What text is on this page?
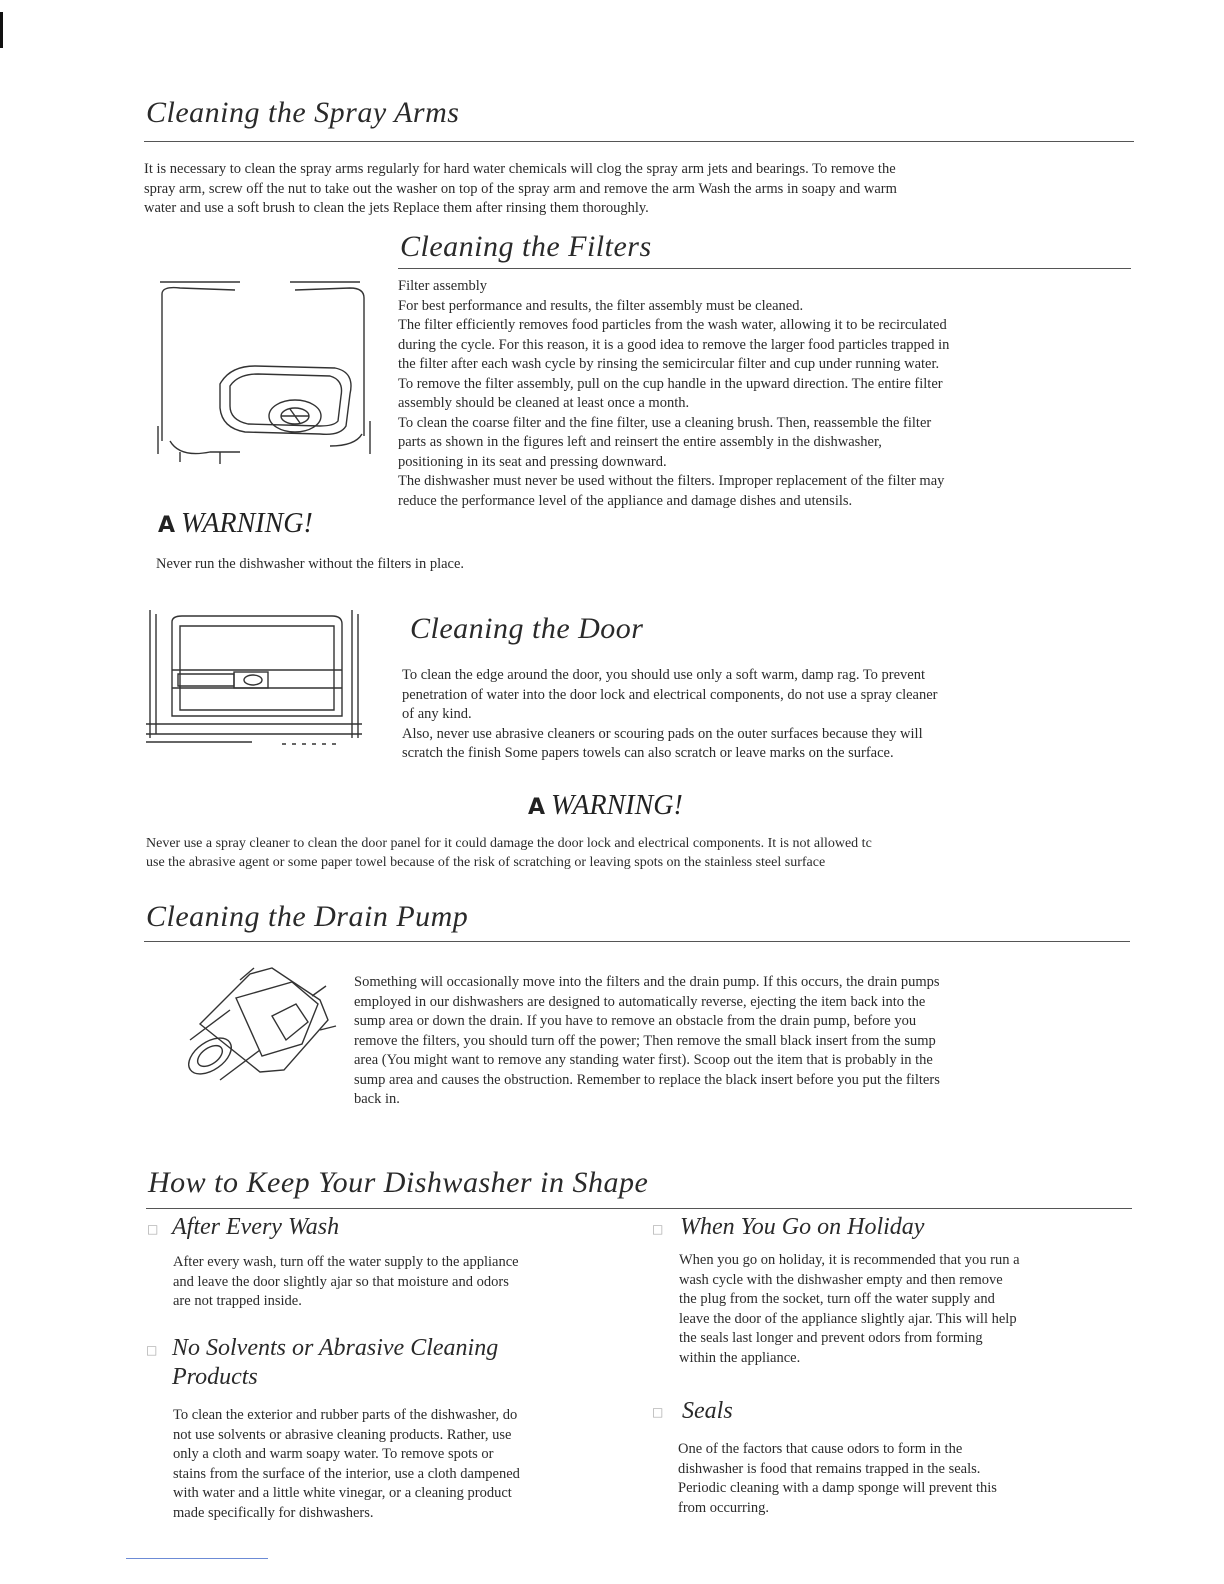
Cleaning the Spray Arms
It is necessary to clean the spray arms regularly for hard water chemicals will clog the spray arm jets and bearings. To remove the
spray arm, screw off the nut to take out the washer on top of the spray arm and remove the arm Wash the arms in soapy and warm
water and use a soft brush to clean the jets Replace them after rinsing them thoroughly.
Cleaning the Filters
Filter assembly
For best performance and results, the filter assembly must be cleaned.
The filter efficiently removes food particles from the wash water, allowing it to be recirculated
during the cycle. For this reason, it is a good idea to remove the larger food particles trapped in
the filter after each wash cycle by rinsing the semicircular filter and cup under running water.
To remove the filter assembly, pull on the cup handle in the upward direction. The entire filter
assembly should be cleaned at least once a month.
To clean the coarse filter and the fine filter, use a cleaning brush. Then, reassemble the filter
parts as shown in the figures left and reinsert the entire assembly in the dishwasher,
positioning in its seat and pressing downward.
The dishwasher must never be used without the filters. Improper replacement of the filter may
reduce the performance level of the appliance and damage dishes and utensils.
A WARNING!
Never run the dishwasher without the filters in place.
Cleaning the Door
To clean the edge around the door, you should use only a soft warm, damp rag. To prevent
penetration of water into the door lock and electrical components, do not use a spray cleaner
of any kind.
Also, never use abrasive cleaners or scouring pads on the outer surfaces because they will
scratch the finish Some papers towels can also scratch or leave marks on the surface.
A WARNING!
Never use a spray cleaner to clean the door panel for it could damage the door lock and electrical components. It is not allowed tc
use the abrasive agent or some paper towel because of the risk of scratching or leaving spots on the stainless steel surface
Cleaning the Drain Pump
Something will occasionally move into the filters and the drain pump. If this occurs, the drain pumps
employed in our dishwashers are designed to automatically reverse, ejecting the item back into the
sump area or down the drain. If you have to remove an obstacle from the drain pump, before you
remove the filters, you should turn off the power; Then remove the small black insert from the sump
area (You might want to remove any standing water first). Scoop out the item that is probably in the
sump area and causes the obstruction. Remember to replace the black insert before you put the filters
back in.
How to Keep Your Dishwasher in Shape
□ After Every Wash
After every wash, turn off the water supply to the appliance
and leave the door slightly ajar so that moisture and odors
are not trapped inside.
□ No Solvents or Abrasive Cleaning
Products
To clean the exterior and rubber parts of the dishwasher, do
not use solvents or abrasive cleaning products. Rather, use
only a cloth and warm soapy water. To remove spots or
stains from the surface of the interior, use a cloth dampened
with water and a little white vinegar, or a cleaning product
made specifically for dishwashers.
□ When You Go on Holiday
When you go on holiday, it is recommended that you run a
wash cycle with the dishwasher empty and then remove
the plug from the socket, turn off the water supply and
leave the door of the appliance slightly ajar. This will help
the seals last longer and prevent odors from forming
within the appliance.
□ Seals
One of the factors that cause odors to form in the
dishwasher is food that remains trapped in the seals.
Periodic cleaning with a damp sponge will prevent this
from occurring.
